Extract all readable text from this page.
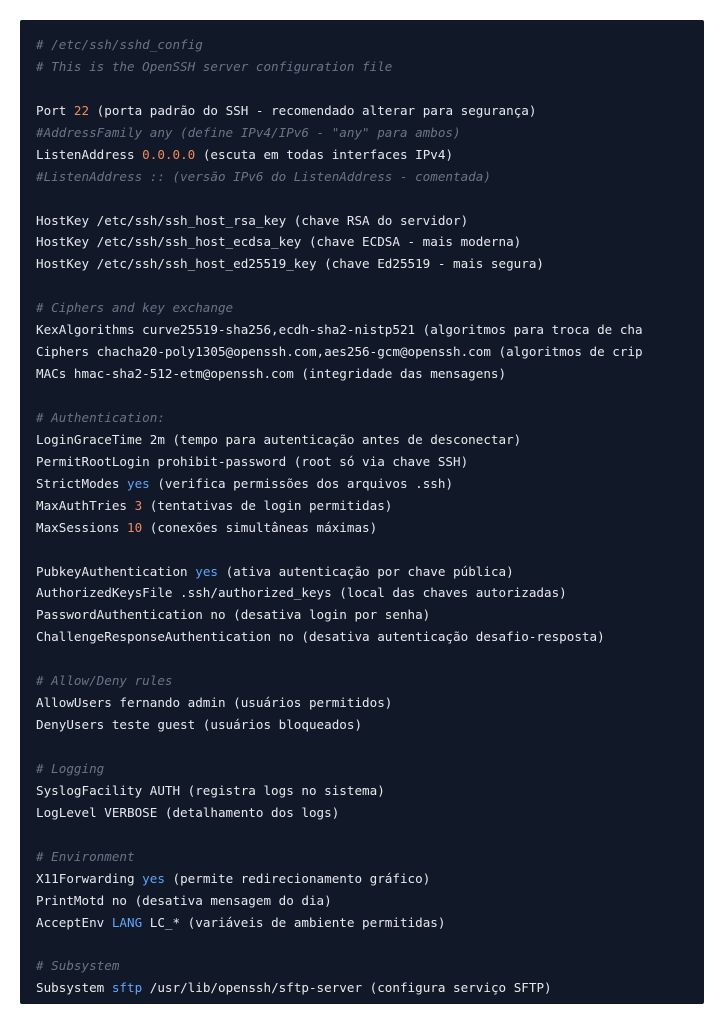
# /etc/ssh/sshd_config
# This is the OpenSSH server configuration file

Port 22 (porta padrão do SSH - recomendado alterar para segurança)
#AddressFamily any (define IPv4/IPv6 - "any" para ambos)
ListenAddress 0.0.0.0 (escuta em todas interfaces IPv4)
#ListenAddress :: (versão IPv6 do ListenAddress - comentada)

HostKey /etc/ssh/ssh_host_rsa_key (chave RSA do servidor)
HostKey /etc/ssh/ssh_host_ecdsa_key (chave ECDSA - mais moderna)
HostKey /etc/ssh/ssh_host_ed25519_key (chave Ed25519 - mais segura)

# Ciphers and key exchange
KexAlgorithms curve25519-sha256,ecdh-sha2-nistp521 (algoritmos para troca de cha
Ciphers chacha20-poly1305@openssh.com,aes256-gcm@openssh.com (algoritmos de crip
MACs hmac-sha2-512-etm@openssh.com (integridade das mensagens)

# Authentication:
LoginGraceTime 2m (tempo para autenticação antes de desconectar)
PermitRootLogin prohibit-password (root só via chave SSH)
StrictModes yes (verifica permissões dos arquivos .ssh)
MaxAuthTries 3 (tentativas de login permitidas)
MaxSessions 10 (conexões simultâneas máximas)

PubkeyAuthentication yes (ativa autenticação por chave pública)
AuthorizedKeysFile .ssh/authorized_keys (local das chaves autorizadas)
PasswordAuthentication no (desativa login por senha)
ChallengeResponseAuthentication no (desativa autenticação desafio-resposta)

# Allow/Deny rules
AllowUsers fernando admin (usuários permitidos)
DenyUsers teste guest (usuários bloqueados)

# Logging
SyslogFacility AUTH (registra logs no sistema)
LogLevel VERBOSE (detalhamento dos logs)

# Environment
X11Forwarding yes (permite redirecionamento gráfico)
PrintMotd no (desativa mensagem do dia)
AcceptEnv LANG LC_* (variáveis de ambiente permitidas)

# Subsystem
Subsystem sftp /usr/lib/openssh/sftp-server (configura serviço SFTP)
